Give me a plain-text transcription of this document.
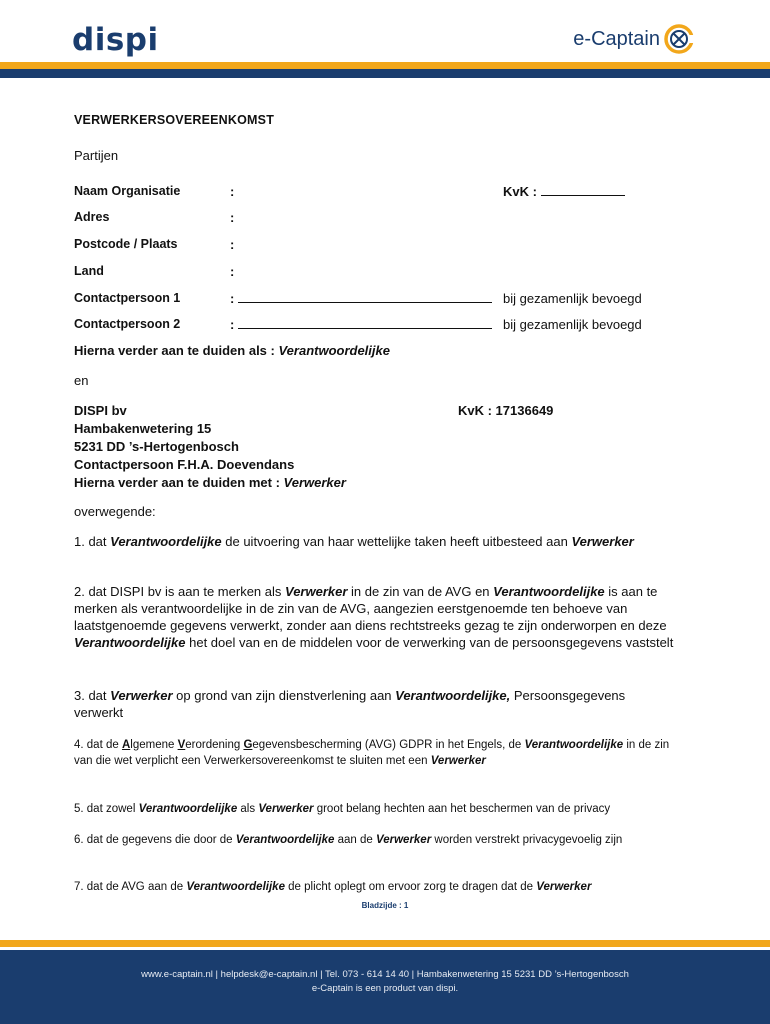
dispi	e-Captain
VERWERKERSOVEREENKOMST
Partijen
Naam Organisatie	:	KvK :
Adres	:
Postcode / Plaats	:
Land	:
Contactpersoon 1	:	bij gezamenlijk bevoegd
Contactpersoon 2	:	bij gezamenlijk bevoegd
Hierna verder aan te duiden als : Verantwoordelijke
en
DISPI bv	KvK : 17136649
Hambakenwetering 15
5231 DD ’s-Hertogenbosch
Contactpersoon F.H.A. Doevendans
Hierna verder aan te duiden met : Verwerker
overwegende:
1. dat Verantwoordelijke de uitvoering van haar wettelijke taken heeft uitbesteed aan Verwerker
2. dat DISPI bv is aan te merken als Verwerker in de zin van de AVG en Verantwoordelijke is aan te merken als verantwoordelijke in de zin van de AVG, aangezien eerstgenoemde ten behoeve van laatstgenoemde gegevens verwerkt, zonder aan diens rechtstreeks gezag te zijn onderworpen en deze Verantwoordelijke het doel van en de middelen voor de verwerking van de persoonsgegevens vaststelt
3. dat Verwerker op grond van zijn dienstverlening aan Verantwoordelijke, Persoonsgegevens verwerkt
4. dat de Algemene Verordening Gegevensbescherming (AVG) GDPR in het Engels, de Verantwoordelijke in de zin van die wet verplicht een Verwerkersovereenkomst te sluiten met een Verwerker
5. dat zowel Verantwoordelijke als Verwerker groot belang hechten aan het beschermen van de privacy
6. dat de gegevens die door de Verantwoordelijke aan de Verwerker worden verstrekt privacygevoelig zijn
7. dat de AVG aan de Verantwoordelijke de plicht oplegt om ervoor zorg te dragen dat de Verwerker
Bladzijde : 1
www.e-captain.nl | helpdesk@e-captain.nl | Tel. 073 - 614 14 40 | Hambakenwetering 15 5231 DD ’s-Hertogenbosch
e-Captain is een product van dispi.
